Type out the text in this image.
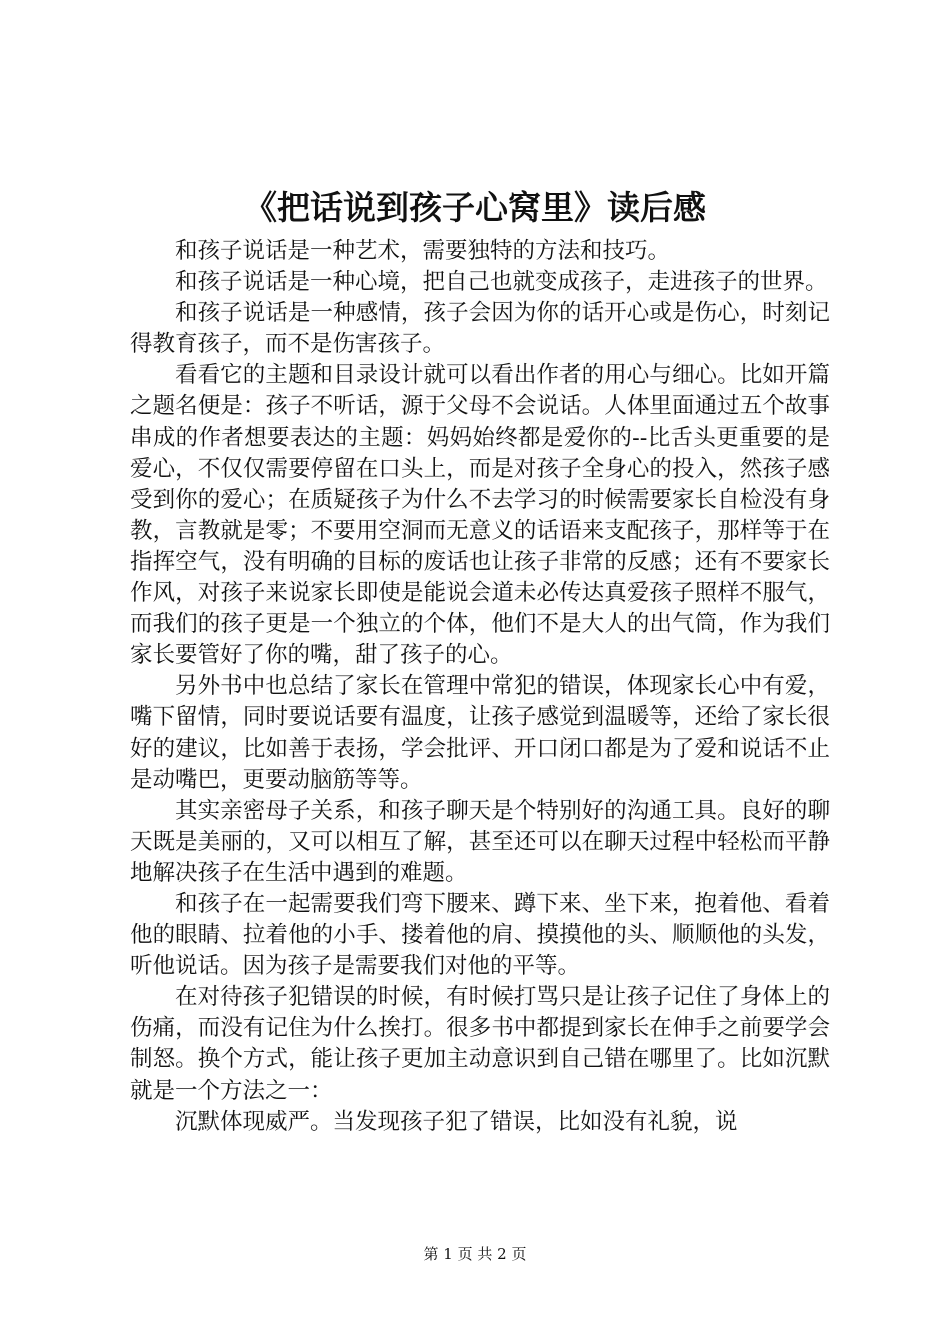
《把话说到孩子心窝里》读后感

和孩子说话是一种艺术，需要独特的方法和技巧。

和孩子说话是一种心境，把自己也就变成孩子，走进孩子的世界。

和孩子说话是一种感情，孩子会因为你的话开心或是伤心，时刻记得教育孩子，而不是伤害孩子。

看看它的主题和目录设计就可以看出作者的用心与细心。比如开篇之题名便是：孩子不听话，源于父母不会说话。人体里面通过五个故事串成的作者想要表达的主题：妈妈始终都是爱你的--比舌头更重要的是爱心，不仅仅需要停留在口头上，而是对孩子全身心的投入，然孩子感受到你的爱心；在质疑孩子为什么不去学习的时候需要家长自检没有身教，言教就是零；不要用空洞而无意义的话语来支配孩子，那样等于在指挥空气，没有明确的目标的废话也让孩子非常的反感；还有不要家长作风，对孩子来说家长即使是能说会道未必传达真爱孩子照样不服气，而我们的孩子更是一个独立的个体，他们不是大人的出气筒，作为我们家长要管好了你的嘴，甜了孩子的心。

另外书中也总结了家长在管理中常犯的错误，体现家长心中有爱，嘴下留情，同时要说话要有温度，让孩子感觉到温暖等，还给了家长很好的建议，比如善于表扬，学会批评、开口闭口都是为了爱和说话不止是动嘴巴，更要动脑筋等等。

其实亲密母子关系，和孩子聊天是个特别好的沟通工具。良好的聊天既是美丽的，又可以相互了解，甚至还可以在聊天过程中轻松而平静地解决孩子在生活中遇到的难题。

和孩子在一起需要我们弯下腰来、蹲下来、坐下来，抱着他、看着他的眼睛、拉着他的小手、搂着他的肩、摸摸他的头、顺顺他的头发，听他说话。因为孩子是需要我们对他的平等。

在对待孩子犯错误的时候，有时候打骂只是让孩子记住了身体上的伤痛，而没有记住为什么挨打。很多书中都提到家长在伸手之前要学会制怒。换个方式，能让孩子更加主动意识到自己错在哪里了。比如沉默就是一个方法之一：

沉默体现威严。当发现孩子犯了错误，比如没有礼貌，说

第 1 页 共 2 页
